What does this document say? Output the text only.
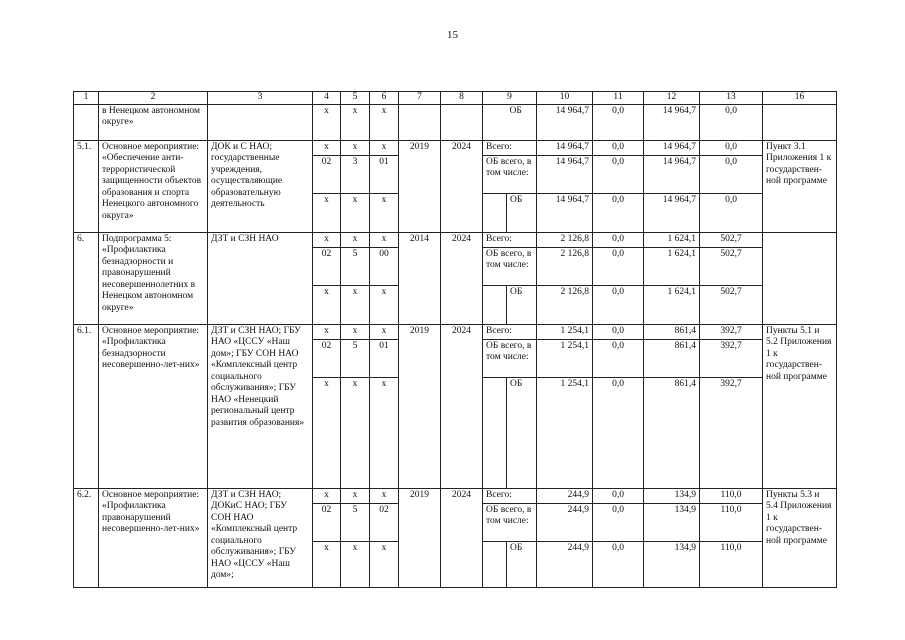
15
1	2	3	4	5	6	7	8	9		10	11	12	13	16
	в Ненецком автономном округе»		х	х	х				ОБ	14 964,7	0,0	14 964,7	0,0	
5.1.	Основное мероприятие: «Обеспечение анти-террористической защищенности объектов образования и спорта Ненецкого автономного округа»	ДОК и С НАО; государственные учреждения, осуществляющие образовательную деятельность	х	х	х	2019	2024	Всего:		14 964,7	0,0	14 964,7	0,0	Пункт 3.1 Приложения 1 к государствен-ной программе
			02	3	01			ОБ всего, в том числе:		14 964,7	0,0	14 964,7	0,0	
			х	х	х				ОБ	14 964,7	0,0	14 964,7	0,0	
6.	Подпрограмма 5: «Профилактика безнадзорности и правонарушений несовершеннолетних в Ненецком автономном округе»	ДЗТ и СЗН НАО	х	х	х	2014	2024	Всего:		2 126,8	0,0	1 624,1	502,7	
			02	5	00			ОБ всего, в том числе:		2 126,8	0,0	1 624,1	502,7	
			х	х	х				ОБ	2 126,8	0,0	1 624,1	502,7	
6.1.	Основное мероприятие: «Профилактика безнадзорности несовершенно-лет-них»	ДЗТ и СЗН НАО; ГБУ НАО «ЦССУ «Наш дом»; ГБУ СОН НАО «Комплексный центр социального обслуживания»; ГБУ НАО «Ненецкий региональный центр развития образования»	х	х	х	2019	2024	Всего:		1 254,1	0,0	861,4	392,7	Пункты 5.1 и 5.2 Приложения 1 к государствен-ной программе
			02	5	01			ОБ всего, в том числе:		1 254,1	0,0	861,4	392,7	
			х	х	х				ОБ	1 254,1	0,0	861,4	392,7	
6.2.	Основное мероприятие: «Профилактика правонарушений несовершенно-лет-них»	ДЗТ и СЗН НАО; ДОКиС НАО; ГБУ СОН НАО «Комплексный центр социального обслуживания»; ГБУ НАО «ЦССУ «Наш дом»;	х	х	х	2019	2024	Всего:		244,9	0,0	134,9	110,0	Пункты 5.3 и 5.4 Приложения 1 к государствен-ной программе
			02	5	02			ОБ всего, в том числе:		244,9	0,0	134,9	110,0	
			х	х	х				ОБ	244,9	0,0	134,9	110,0	
